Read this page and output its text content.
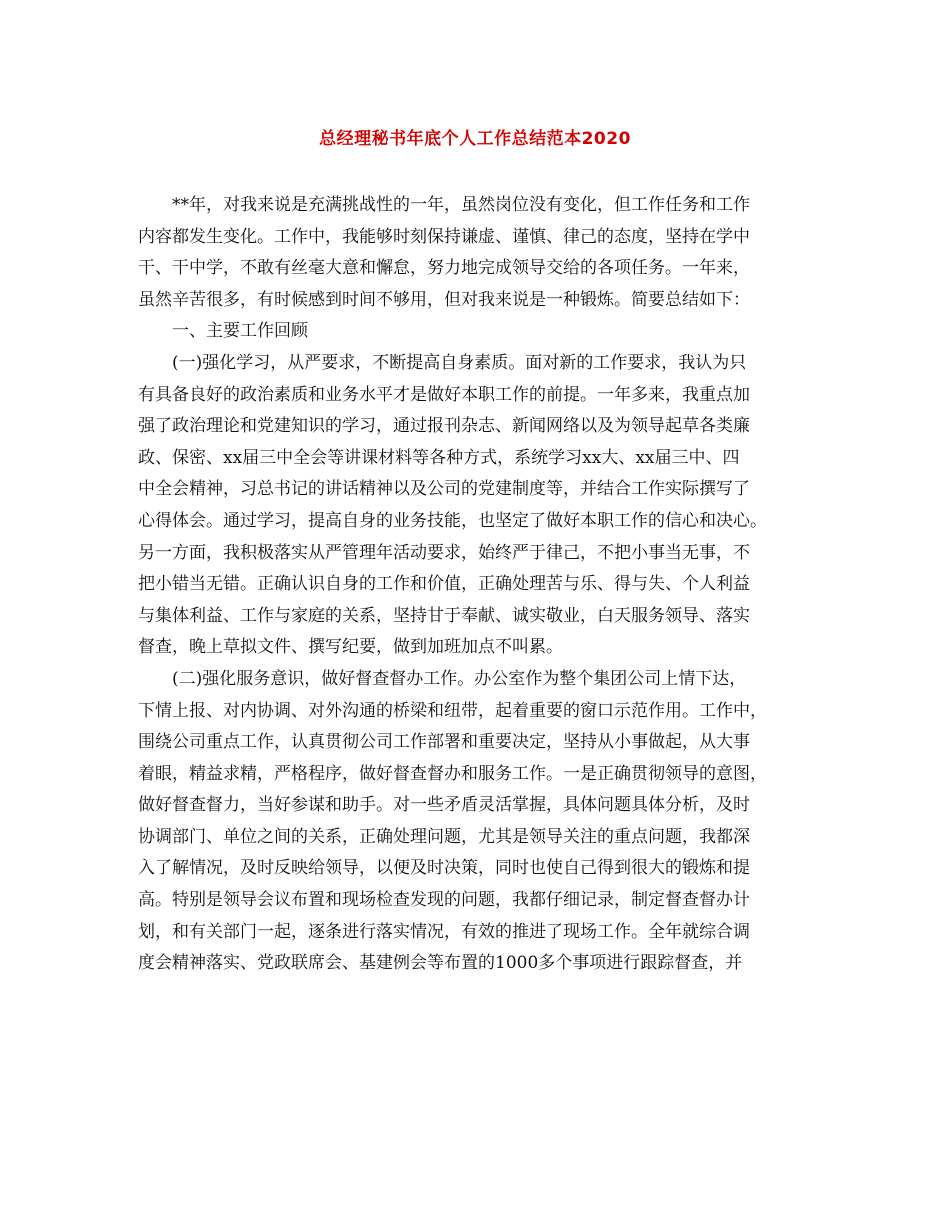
总经理秘书年底个人工作总结范本2020
**年，对我来说是充满挑战性的一年，虽然岗位没有变化，但工作任务和工作
内容都发生变化。工作中，我能够时刻保持谦虚、谨慎、律己的态度，坚持在学中
干、干中学，不敢有丝毫大意和懈怠，努力地完成领导交给的各项任务。一年来，
虽然辛苦很多，有时候感到时间不够用，但对我来说是一种锻炼。简要总结如下：
一、主要工作回顾
(一)强化学习，从严要求，不断提高自身素质。面对新的工作要求，我认为只
有具备良好的政治素质和业务水平才是做好本职工作的前提。一年多来，我重点加
强了政治理论和党建知识的学习，通过报刊杂志、新闻网络以及为领导起草各类廉
政、保密、xx届三中全会等讲课材料等各种方式，系统学习xx大、xx届三中、四
中全会精神，习总书记的讲话精神以及公司的党建制度等，并结合工作实际撰写了
心得体会。通过学习，提高自身的业务技能，也坚定了做好本职工作的信心和决心。
另一方面，我积极落实从严管理年活动要求，始终严于律己，不把小事当无事，不
把小错当无错。正确认识自身的工作和价值，正确处理苦与乐、得与失、个人利益
与集体利益、工作与家庭的关系，坚持甘于奉献、诚实敬业，白天服务领导、落实
督查，晚上草拟文件、撰写纪要，做到加班加点不叫累。
(二)强化服务意识，做好督查督办工作。办公室作为整个集团公司上情下达，
下情上报、对内协调、对外沟通的桥梁和纽带，起着重要的窗口示范作用。工作中，
围绕公司重点工作，认真贯彻公司工作部署和重要决定，坚持从小事做起，从大事
着眼，精益求精，严格程序，做好督查督办和服务工作。一是正确贯彻领导的意图，
做好督查督力，当好参谋和助手。对一些矛盾灵活掌握，具体问题具体分析，及时
协调部门、单位之间的关系，正确处理问题，尤其是领导关注的重点问题，我都深
入了解情况，及时反映给领导，以便及时决策，同时也使自己得到很大的锻炼和提
高。特别是领导会议布置和现场检查发现的问题，我都仔细记录，制定督查督办计
划，和有关部门一起，逐条进行落实情况，有效的推进了现场工作。全年就综合调
度会精神落实、党政联席会、基建例会等布置的1000多个事项进行跟踪督查，并
